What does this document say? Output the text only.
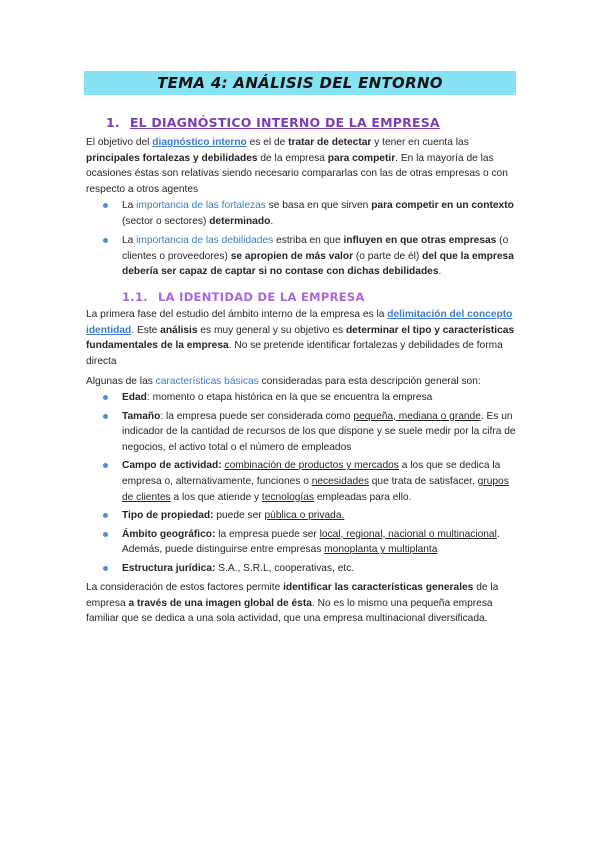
TEMA 4: ANÁLISIS DEL ENTORNO
1. EL DIAGNÓSTICO INTERNO DE LA EMPRESA
El objetivo del diagnóstico interno es el de tratar de detectar y tener en cuenta las principales fortalezas y debilidades de la empresa para competir. En la mayoría de las ocasiones éstas son relativas siendo necesario compararlas con las de otras empresas o con respecto a otros agentes
La importancia de las fortalezas se basa en que sirven para competir en un contexto (sector o sectores) determinado.
La importancia de las debilidades estriba en que influyen en que otras empresas (o clientes o proveedores) se apropien de más valor (o parte de él) del que la empresa debería ser capaz de captar si no contase con dichas debilidades.
1.1. LA IDENTIDAD DE LA EMPRESA
La primera fase del estudio del ámbito interno de la empresa es la delimitación del concepto identidad. Este análisis es muy general y su objetivo es determinar el tipo y características fundamentales de la empresa. No se pretende identificar fortalezas y debilidades de forma directa
Algunas de las características básicas consideradas para esta descripción general son:
Edad: momento o etapa histórica en la que se encuentra la empresa
Tamaño: la empresa puede ser considerada como pequeña, mediana o grande. Es un indicador de la cantidad de recursos de los que dispone y se suele medir por la cifra de negocios, el activo total o el número de empleados
Campo de actividad: combinación de productos y mercados a los que se dedica la empresa o, alternativamente, funciones o necesidades que trata de satisfacer, grupos de clientes a los que atiende y tecnologías empleadas para ello.
Tipo de propiedad: puede ser pública o privada.
Ámbito geográfico: la empresa puede ser local, regional, nacional o multinacional. Además, puede distinguirse entre empresas monoplanta y multiplanta
Estructura jurídica: S.A., S.R.L, cooperativas, etc.
La consideración de estos factores permite identificar las características generales de la empresa a través de una imagen global de ésta. No es lo mismo una pequeña empresa familiar que se dedica a una sola actividad, que una empresa multinacional diversificada.
